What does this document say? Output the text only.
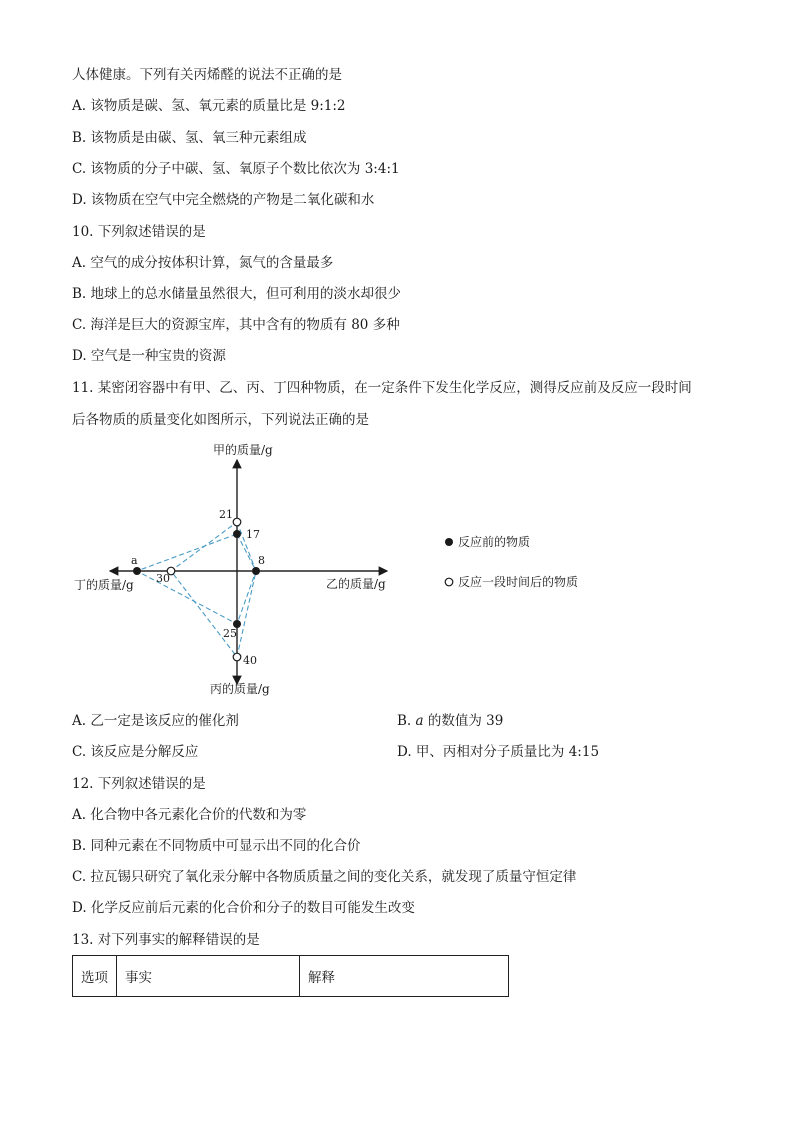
人体健康。下列有关丙烯醛的说法不正确的是
A. 该物质是碳、氢、氧元素的质量比是 9:1:2
B. 该物质是由碳、氢、氧三种元素组成
C. 该物质的分子中碳、氢、氧原子个数比依次为 3:4:1
D. 该物质在空气中完全燃烧的产物是二氧化碳和水
10. 下列叙述错误的是
A. 空气的成分按体积计算，氮气的含量最多
B. 地球上的总水储量虽然很大，但可利用的淡水却很少
C. 海洋是巨大的资源宝库，其中含有的物质有 80 多种
D. 空气是一种宝贵的资源
11. 某密闭容器中有甲、乙、丙、丁四种物质，在一定条件下发生化学反应，测得反应前及反应一段时间
后各物质的质量变化如图所示，下列说法正确的是
甲的质量/g
乙的质量/g
丙的质量/g
丁的质量/g
21
17
8
25
40
a
30
反应前的物质
反应一段时间后的物质
A. 乙一定是该反应的催化剂	B. a 的数值为 39
C. 该反应是分解反应	D. 甲、丙相对分子质量比为 4:15
12. 下列叙述错误的是
A. 化合物中各元素化合价的代数和为零
B. 同种元素在不同物质中可显示出不同的化合价
C. 拉瓦锡只研究了氧化汞分解中各物质质量之间的变化关系，就发现了质量守恒定律
D. 化学反应前后元素的化合价和分子的数目可能发生改变
13. 对下列事实的解释错误的是
选项	事实	解释
